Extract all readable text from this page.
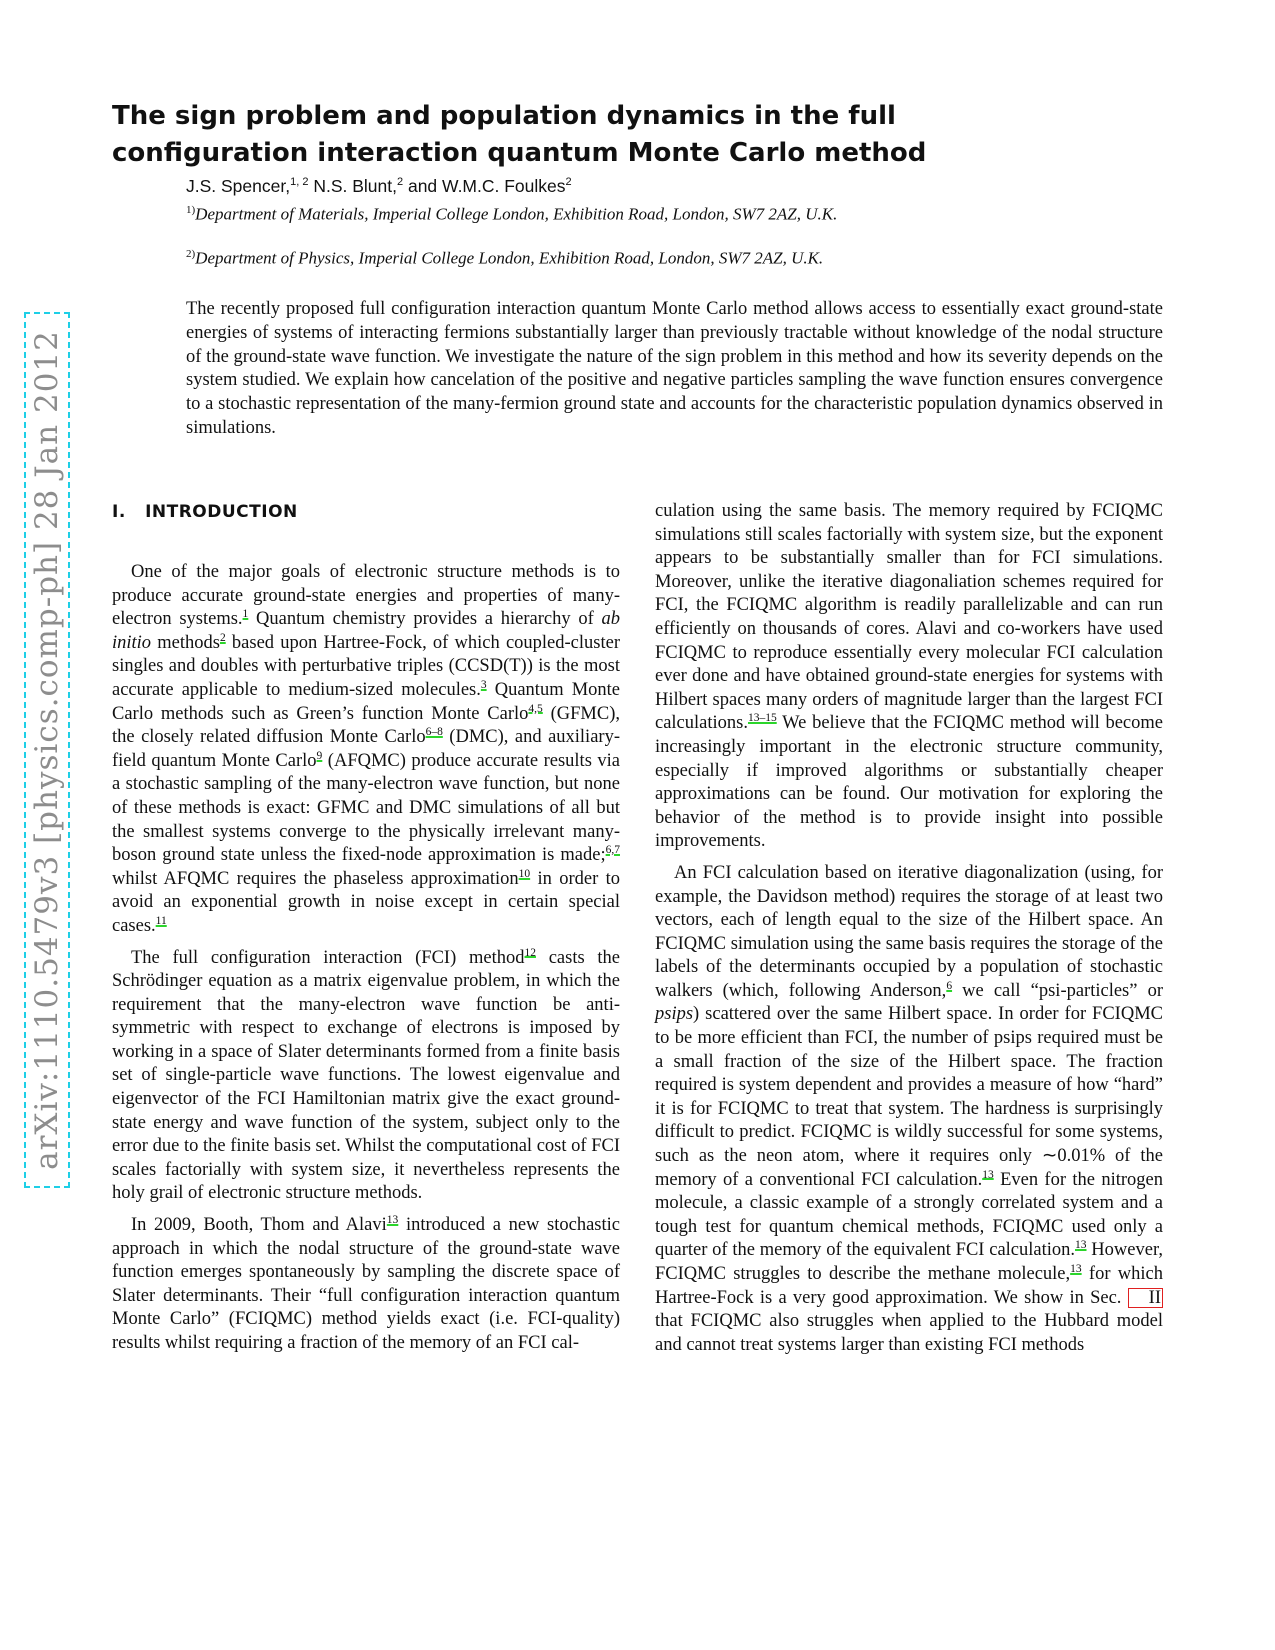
arXiv:1110.5479v3 [physics.comp-ph] 28 Jan 2012
The sign problem and population dynamics in the full configuration interaction quantum Monte Carlo method
J.S. Spencer,$^{1, 2}$ N.S. Blunt,$^2$ and W.M.C. Foulkes$^2$
$^{1)}$Department of Materials, Imperial College London, Exhibition Road, London, SW7 2AZ, U.K.
$^{2)}$Department of Physics, Imperial College London, Exhibition Road, London, SW7 2AZ, U.K.

The recently proposed full configuration interaction quantum Monte Carlo method allows access to essentially exact ground-state energies of systems of interacting fermions substantially larger than previously tractable without knowledge of the nodal structure of the ground-state wave function. We investigate the nature of the sign problem in this method and how its severity depends on the system studied. We explain how cancelation of the positive and negative particles sampling the wave function ensures convergence to a stochastic representation of the many-fermion ground state and accounts for the characteristic population dynamics observed in simulations.

I. INTRODUCTION

One of the major goals of electronic structure methods is to produce accurate ground-state energies and properties of many-electron systems.$^1$ Quantum chemistry provides a hierarchy of ab initio methods$^2$ based upon Hartree-Fock, of which coupled-cluster singles and doubles with perturbative triples (CCSD(T)) is the most accurate applicable to medium-sized molecules.$^3$ Quantum Monte Carlo methods such as Green’s function Monte Carlo$^{4,5}$ (GFMC), the closely related diffusion Monte Carlo$^{6-8}$ (DMC), and auxiliary-field quantum Monte Carlo$^9$ (AFQMC) produce accurate results via a stochastic sampling of the many-electron wave function, but none of these methods is exact: GFMC and DMC simulations of all but the smallest systems converge to the physically irrelevant many-boson ground state unless the fixed-node approximation is made;$^{6,7}$ whilst AFQMC requires the phaseless approximation$^{10}$ in order to avoid an exponential growth in noise except in certain special cases.$^{11}$

The full configuration interaction (FCI) method$^{12}$ casts the Schrödinger equation as a matrix eigenvalue problem, in which the requirement that the many-electron wave function be anti-symmetric with respect to exchange of electrons is imposed by working in a space of Slater determinants formed from a finite basis set of single-particle wave functions. The lowest eigenvalue and eigenvector of the FCI Hamiltonian matrix give the exact ground-state energy and wave function of the system, subject only to the error due to the finite basis set. Whilst the computational cost of FCI scales factorially with system size, it nevertheless represents the holy grail of electronic structure methods.

In 2009, Booth, Thom and Alavi$^{13}$ introduced a new stochastic approach in which the nodal structure of the ground-state wave function emerges spontaneously by sampling the discrete space of Slater determinants. Their “full configuration interaction quantum Monte Carlo” (FCIQMC) method yields exact (i.e. FCI-quality) results whilst requiring a fraction of the memory of an FCI cal-

culation using the same basis. The memory required by FCIQMC simulations still scales factorially with system size, but the exponent appears to be substantially smaller than for FCI simulations. Moreover, unlike the iterative diagonaliation schemes required for FCI, the FCIQMC algorithm is readily parallelizable and can run efficiently on thousands of cores. Alavi and co-workers have used FCIQMC to reproduce essentially every molecular FCI calculation ever done and have obtained ground-state energies for systems with Hilbert spaces many orders of magnitude larger than the largest FCI calculations.$^{13-15}$ We believe that the FCIQMC method will become increasingly important in the electronic structure community, especially if improved algorithms or substantially cheaper approximations can be found. Our motivation for exploring the behavior of the method is to provide insight into possible improvements.

An FCI calculation based on iterative diagonalization (using, for example, the Davidson method) requires the storage of at least two vectors, each of length equal to the size of the Hilbert space. An FCIQMC simulation using the same basis requires the storage of the labels of the determinants occupied by a population of stochastic walkers (which, following Anderson,$^6$ we call “psi-particles” or psips) scattered over the same Hilbert space. In order for FCIQMC to be more efficient than FCI, the number of psips required must be a small fraction of the size of the Hilbert space. The fraction required is system dependent and provides a measure of how “hard” it is for FCIQMC to treat that system. The hardness is surprisingly difficult to predict. FCIQMC is wildly successful for some systems, such as the neon atom, where it requires only ∼0.01% of the memory of a conventional FCI calculation.$^{13}$ Even for the nitrogen molecule, a classic example of a strongly correlated system and a tough test for quantum chemical methods, FCIQMC used only a quarter of the memory of the equivalent FCI calculation.$^{13}$ However, FCIQMC struggles to describe the methane molecule,$^{13}$ for which Hartree-Fock is a very good approximation. We show in Sec. II that FCIQMC also struggles when applied to the Hubbard model and cannot treat systems larger than existing FCI methods
